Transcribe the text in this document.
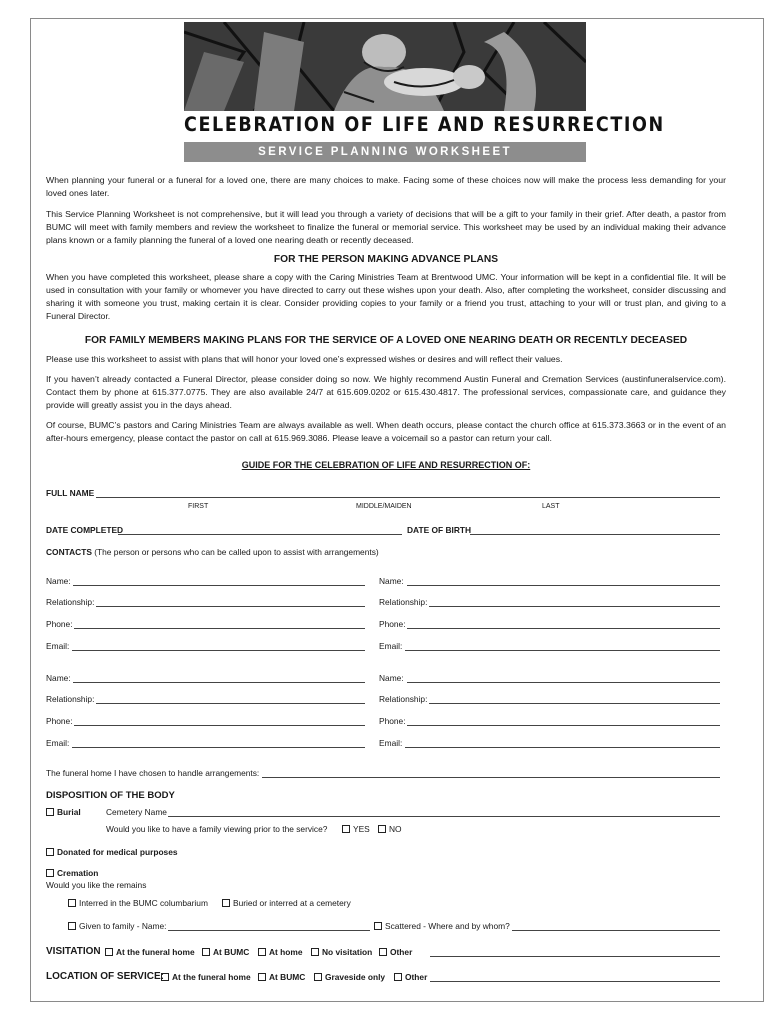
CELEBRATION OF LIFE AND RESURRECTION
SERVICE PLANNING WORKSHEET
When planning your funeral or a funeral for a loved one, there are many choices to make. Facing some of these choices now will make the process less demanding for your loved ones later.
This Service Planning Worksheet is not comprehensive, but it will lead you through a variety of decisions that will be a gift to your family in their grief. After death, a pastor from BUMC will meet with family members and review the worksheet to finalize the funeral or memorial service. This worksheet may be used by an individual making their advance plans known or a family planning the funeral of a loved one nearing death or recently deceased.
FOR THE PERSON MAKING ADVANCE PLANS
When you have completed this worksheet, please share a copy with the Caring Ministries Team at Brentwood UMC. Your information will be kept in a confidential file. It will be used in consultation with your family or whomever you have directed to carry out these wishes upon your death. Also, after completing the worksheet, consider discussing and sharing it with someone you trust, making certain it is clear. Consider providing copies to your family or a friend you trust, attaching to your will or trust plan, and giving to a Funeral Director.
FOR FAMILY MEMBERS MAKING PLANS FOR THE SERVICE OF A LOVED ONE NEARING DEATH OR RECENTLY DECEASED
Please use this worksheet to assist with plans that will honor your loved one’s expressed wishes or desires and will reflect their values.
If you haven’t already contacted a Funeral Director, please consider doing so now. We highly recommend Austin Funeral and Cremation Services (austinfuneralservice.com). Contact them by phone at 615.377.0775. They are also available 24/7 at 615.609.0202 or 615.430.4817. The professional services, compassionate care, and guidance they provide will greatly assist you in the days ahead.
Of course, BUMC’s pastors and Caring Ministries Team are always available as well. When death occurs, please contact the church office at 615.373.3663 or in the event of an after-hours emergency, please contact the pastor on call at 615.969.3086. Please leave a voicemail so a pastor can return your call.
GUIDE FOR THE CELEBRATION OF LIFE AND RESURRECTION OF:
FULL NAME
FIRST	MIDDLE/MAIDEN	LAST
DATE COMPLETED	DATE OF BIRTH
CONTACTS (The person or persons who can be called upon to assist with arrangements)
Name:	Name:
Relationship:	Relationship:
Phone:	Phone:
Email:	Email:
Name:	Name:
Relationship:	Relationship:
Phone:	Phone:
Email:	Email:
The funeral home I have chosen to handle arrangements:
DISPOSITION OF THE BODY
Burial	Cemetery Name
Would you like to have a family viewing prior to the service?	YES	NO
Donated for medical purposes
Cremation
Would you like the remains
Interred in the BUMC columbarium	Buried or interred at a cemetery
Given to family - Name:	Scattered - Where and by whom?
VISITATION	At the funeral home	At BUMC	At home	No visitation	Other
LOCATION OF SERVICE: At the funeral home	At BUMC	Graveside only	Other
